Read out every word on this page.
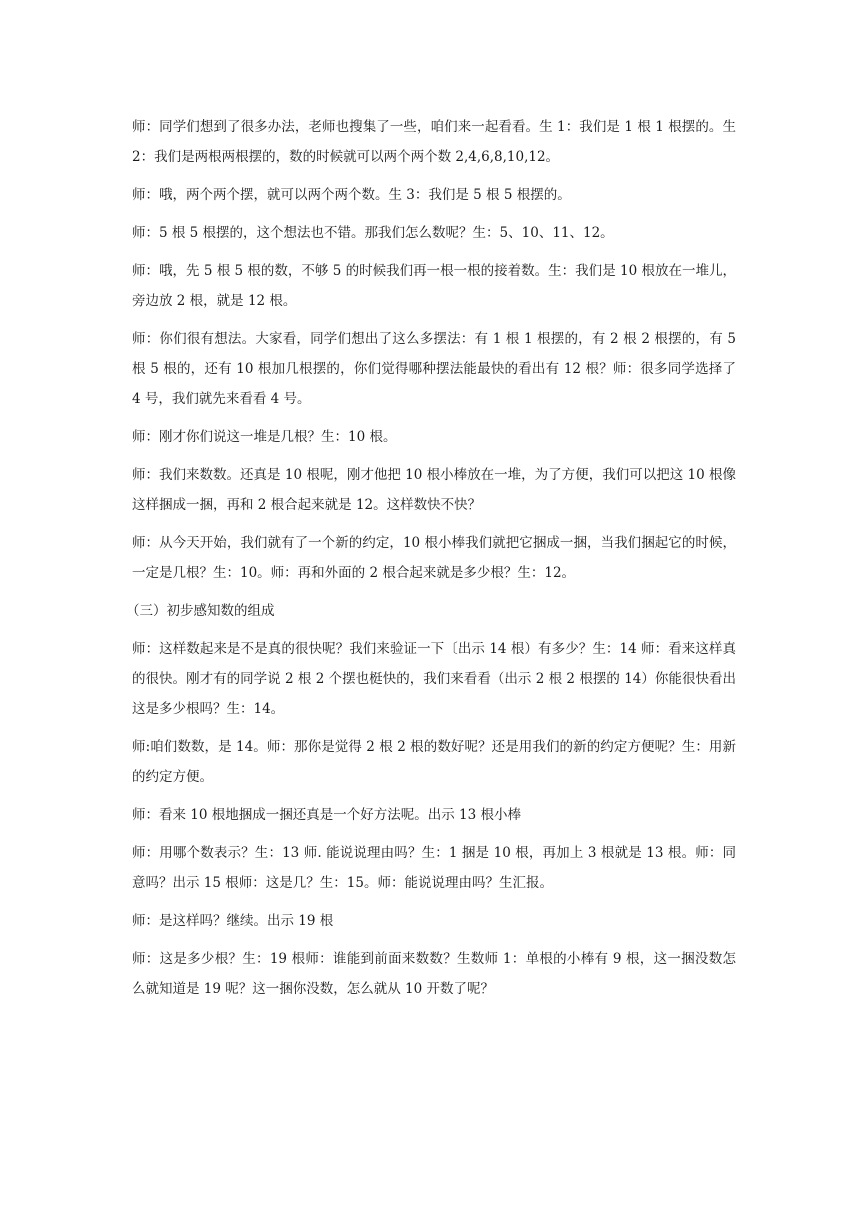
师：同学们想到了很多办法，老师也搜集了一些，咱们来一起看看。生 1：我们是 1 根 1 根摆的。生 2：我们是两根两根摆的，数的时候就可以两个两个数 2,4,6,8,10,12。

师：哦，两个两个摆，就可以两个两个数。生 3：我们是 5 根 5 根摆的。

师：5 根 5 根摆的，这个想法也不错。那我们怎么数呢？生：5、10、11、12。

师：哦，先 5 根 5 根的数，不够 5 的时候我们再一根一根的接着数。生：我们是 10 根放在一堆儿，旁边放 2 根，就是 12 根。

师：你们很有想法。大家看，同学们想出了这么多摆法：有 1 根 1 根摆的，有 2 根 2 根摆的，有 5 根 5 根的，还有 10 根加几根摆的，你们觉得哪种摆法能最快的看出有 12 根？师：很多同学选择了 4 号，我们就先来看看 4 号。

师：刚才你们说这一堆是几根？生：10 根。

师：我们来数数。还真是 10 根呢，刚才他把 10 根小棒放在一堆，为了方便，我们可以把这 10 根像这样捆成一捆，再和 2 根合起来就是 12。这样数快不快？

师：从今天开始，我们就有了一个新的约定，10 根小棒我们就把它捆成一捆，当我们捆起它的时候，一定是几根？生：10。师：再和外面的 2 根合起来就是多少根？生：12。

（三）初步感知数的组成

师：这样数起来是不是真的很快呢？我们来验证一下〔出示 14 根）有多少？生：14 师：看来这样真的很快。刚才有的同学说 2 根 2 个摆也梃快的，我们来看看（出示 2 根 2 根摆的 14）你能很快看出这是多少根吗？生：14。

师:咱们数数，是 14。师：那你是觉得 2 根 2 根的数好呢？还是用我们的新的约定方便呢？生：用新的约定方便。

师：看来 10 根地捆成一捆还真是一个好方法呢。出示 13 根小棒

师：用哪个数表示？生：13 师. 能说说理由吗？生：1 捆是 10 根，再加上 3 根就是 13 根。师：同意吗？出示 15 根师：这是几？生：15。师：能说说理由吗？生汇报。

师：是这样吗？继续。出示 19 根

师：这是多少根？生：19 根师：谁能到前面来数数？生数师 1：单根的小棒有 9 根，这一捆没数怎么就知道是 19 呢？这一捆你没数，怎么就从 10 开数了呢？
